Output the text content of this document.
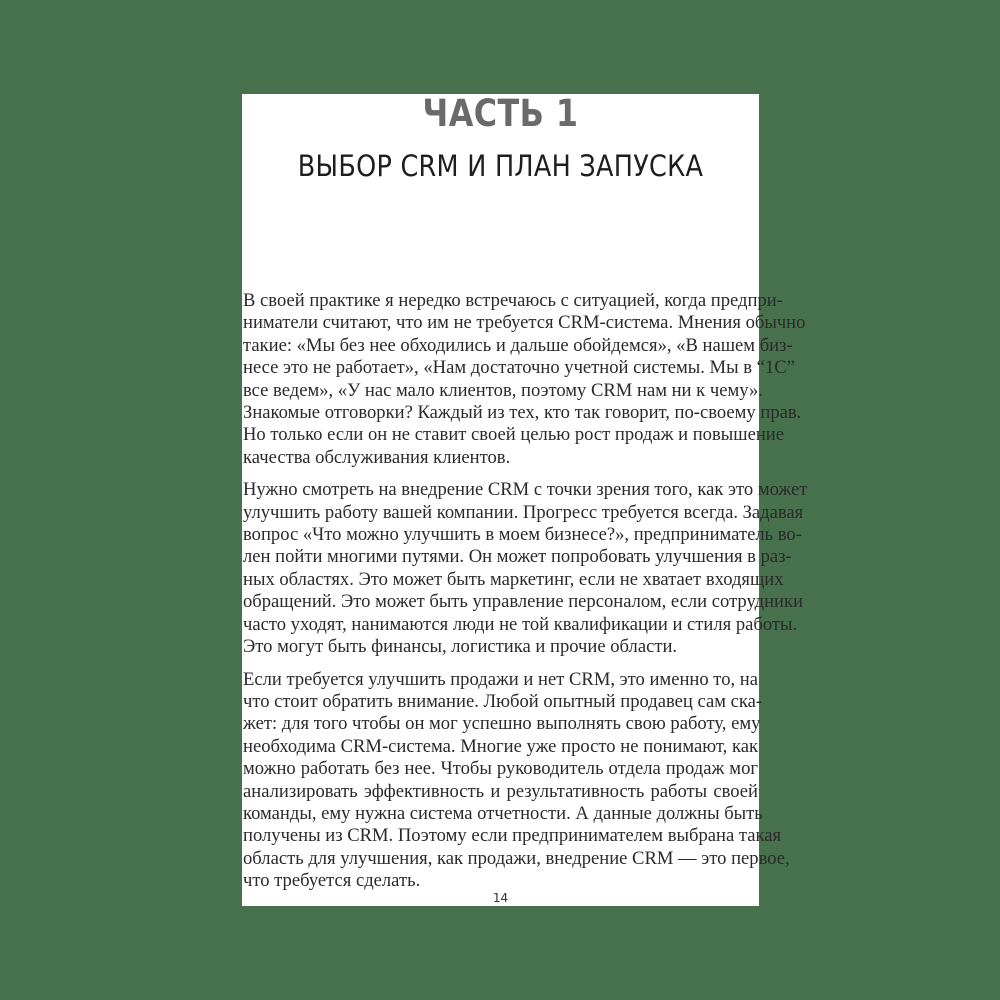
ЧАСТЬ 1
ВЫБОР CRM И ПЛАН ЗАПУСКА
В своей практике я нередко встречаюсь с ситуацией, когда предпри-
ниматели считают, что им не требуется CRM-система. Мнения обычно
такие: «Мы без нее обходились и дальше обойдемся», «В нашем биз-
несе это не работает», «Нам достаточно учетной системы. Мы в “1С”
все ведем», «У нас мало клиентов, поэтому CRM нам ни к чему».
Знакомые отговорки? Каждый из тех, кто так говорит, по-своему прав.
Но только если он не ставит своей целью рост продаж и повышение
качества обслуживания клиентов.
Нужно смотреть на внедрение CRM с точки зрения того, как это может
улучшить работу вашей компании. Прогресс требуется всегда. Задавая
вопрос «Что можно улучшить в моем бизнесе?», предприниматель во-
лен пойти многими путями. Он может попробовать улучшения в раз-
ных областях. Это может быть маркетинг, если не хватает входящих
обращений. Это может быть управление персоналом, если сотрудники
часто уходят, нанимаются люди не той квалификации и стиля работы.
Это могут быть финансы, логистика и прочие области.
Если требуется улучшить продажи и нет CRM, это именно то, на
что стоит обратить внимание. Любой опытный продавец сам ска-
жет: для того чтобы он мог успешно выполнять свою работу, ему
необходима CRM-система. Многие уже просто не понимают, как
можно работать без нее. Чтобы руководитель отдела продаж мог
анализировать эффективность и результативность работы своей
команды, ему нужна система отчетности. А данные должны быть
получены из CRM. Поэтому если предпринимателем выбрана такая
область для улучшения, как продажи, внедрение CRM — это первое,
что требуется сделать.
14
